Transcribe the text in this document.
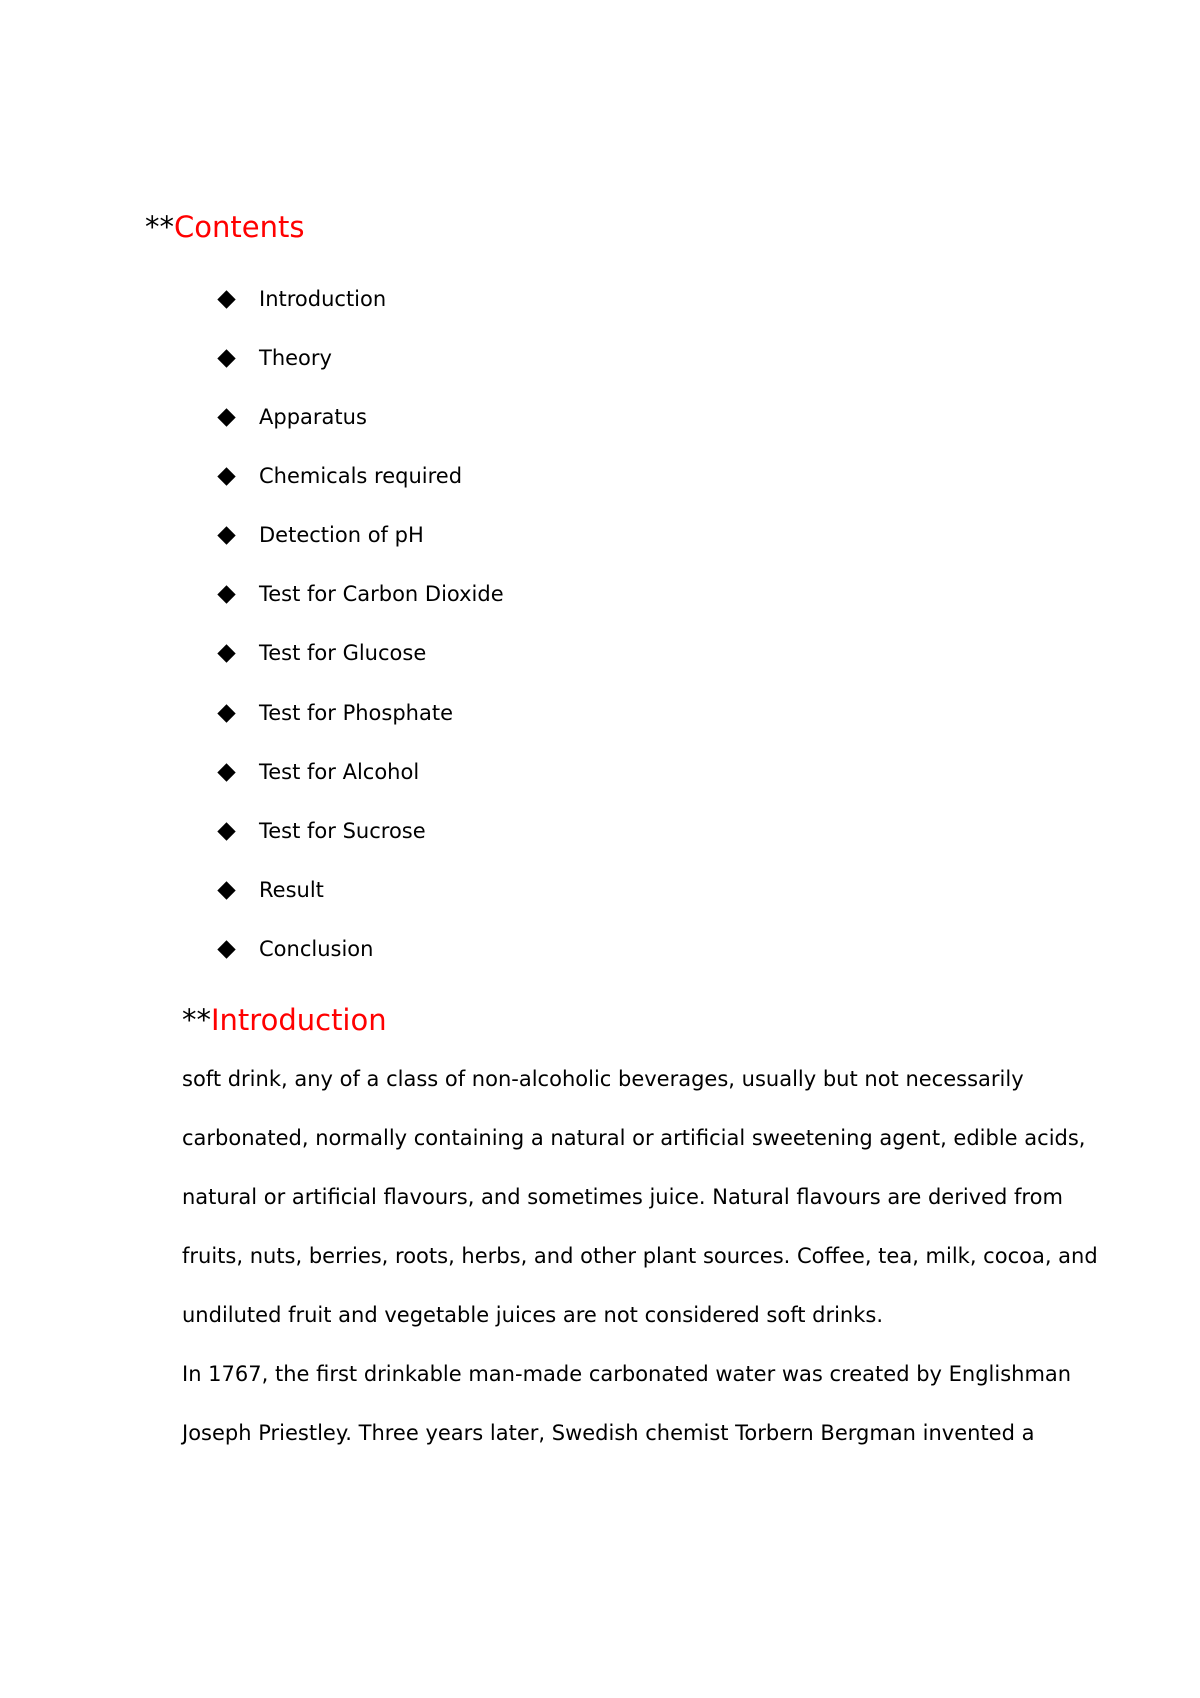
**Contents
Introduction
Theory
Apparatus
Chemicals required
Detection of pH
Test for Carbon Dioxide
Test for Glucose
Test for Phosphate
Test for Alcohol
Test for Sucrose
Result
Conclusion
**Introduction
soft drink, any of a class of non-alcoholic beverages, usually but not necessarily
carbonated, normally containing a natural or artificial sweetening agent, edible acids,
natural or artificial flavours, and sometimes juice. Natural flavours are derived from
fruits, nuts, berries, roots, herbs, and other plant sources. Coffee, tea, milk, cocoa, and
undiluted fruit and vegetable juices are not considered soft drinks.
In 1767, the first drinkable man-made carbonated water was created by Englishman
Joseph Priestley. Three years later, Swedish chemist Torbern Bergman invented a
